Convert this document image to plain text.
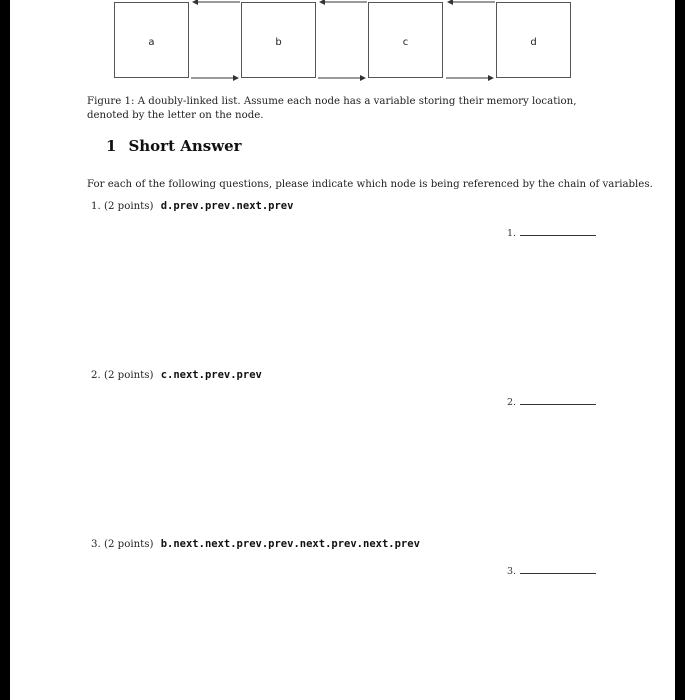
a	b	c	d
Figure 1: A doubly-linked list. Assume each node has a variable storing their memory location, denoted by the letter on the node.
1 Short Answer
For each of the following questions, please indicate which node is being referenced by the chain of variables.
1. (2 points) d.prev.prev.next.prev
1.
2. (2 points) c.next.prev.prev
2.
3. (2 points) b.next.next.prev.prev.next.prev.next.prev
3.
